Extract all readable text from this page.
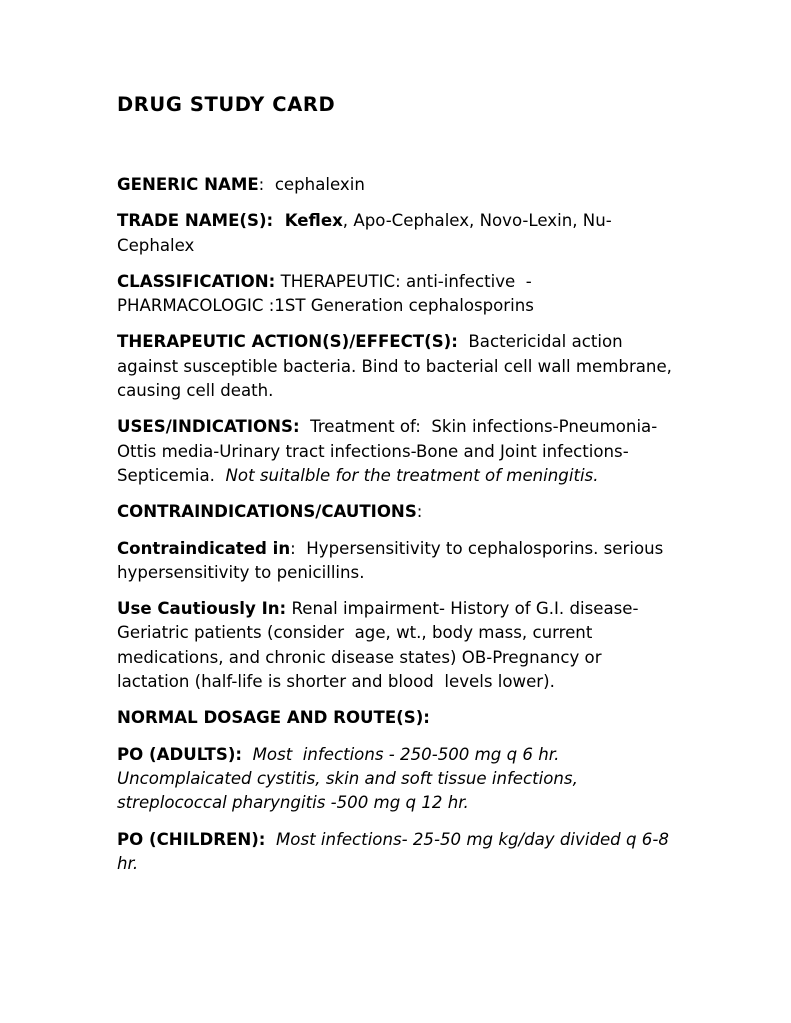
DRUG STUDY CARD

GENERIC NAME:  cephalexin

TRADE NAME(S):  Keflex, Apo-Cephalex, Novo-Lexin, Nu-Cephalex

CLASSIFICATION: THERAPEUTIC: anti-infective  - PHARMACOLOGIC :1ST Generation cephalosporins

THERAPEUTIC ACTION(S)/EFFECT(S):  Bactericidal action against susceptible bacteria. Bind to bacterial cell wall membrane, causing cell death.

USES/INDICATIONS:  Treatment of:  Skin infections-Pneumonia-Ottis media-Urinary tract infections-Bone and Joint infections-Septicemia.  Not suitalble for the treatment of meningitis.

CONTRAINDICATIONS/CAUTIONS:

Contraindicated in:  Hypersensitivity to cephalosporins. serious hypersensitivity to penicillins.

Use Cautiously In: Renal impairment- History of G.I. disease- Geriatric patients (consider  age, wt., body mass, current medications, and chronic disease states) OB-Pregnancy or lactation (half-life is shorter and blood  levels lower).

NORMAL DOSAGE AND ROUTE(S):

PO (ADULTS):  Most  infections - 250-500 mg q 6 hr. Uncomplaicated cystitis, skin and soft tissue infections, streplococcal pharyngitis -500 mg q 12 hr.

PO (CHILDREN):  Most infections- 25-50 mg kg/day divided q 6-8 hr.
